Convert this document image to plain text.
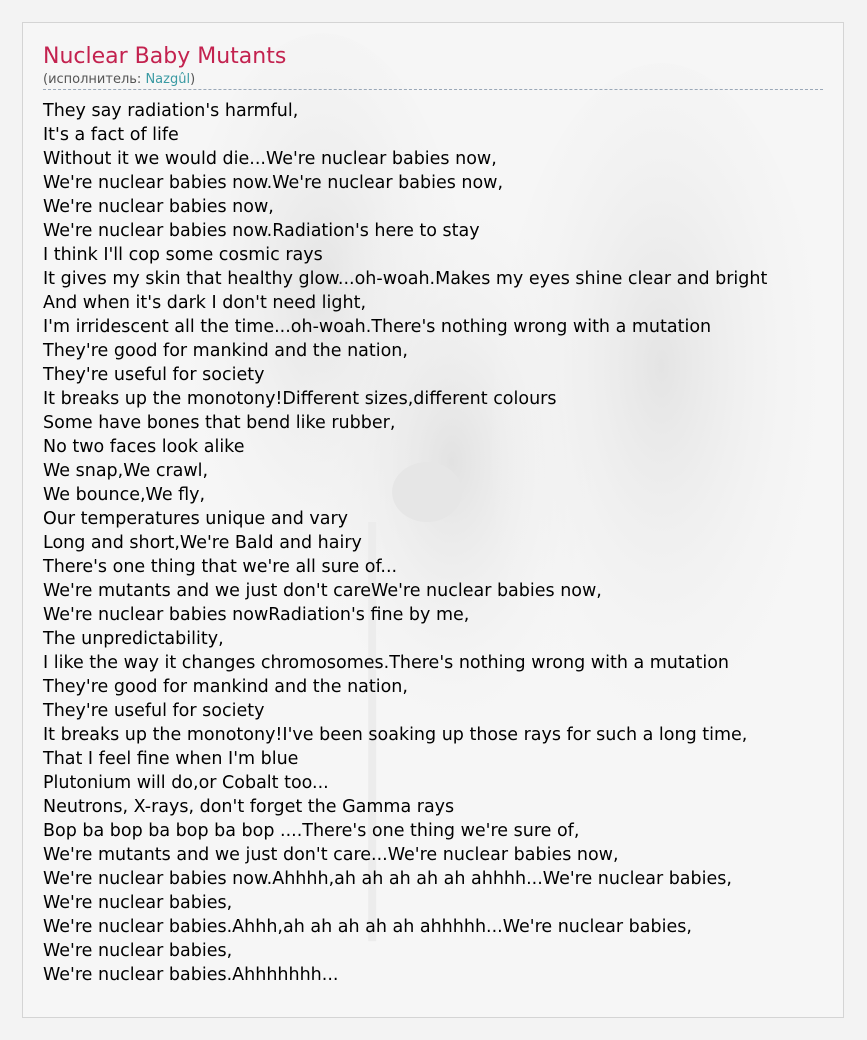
Nuclear Baby Mutants
(исполнитель: Nazgûl)
They say radiation's harmful,
It's a fact of life
Without it we would die...We're nuclear babies now,
We're nuclear babies now.We're nuclear babies now,
We're nuclear babies now,
We're nuclear babies now.Radiation's here to stay
I think I'll cop some cosmic rays
It gives my skin that healthy glow...oh-woah.Makes my eyes shine clear and bright
And when it's dark I don't need light,
I'm irridescent all the time...oh-woah.There's nothing wrong with a mutation
They're good for mankind and the nation,
They're useful for society
It breaks up the monotony!Different sizes,different colours
Some have bones that bend like rubber,
No two faces look alike
We snap,We crawl,
We bounce,We fly,
Our temperatures unique and vary
Long and short,We're Bald and hairy
There's one thing that we're all sure of...
We're mutants and we just don't careWe're nuclear babies now,
We're nuclear babies nowRadiation's fine by me,
The unpredictability,
I like the way it changes chromosomes.There's nothing wrong with a mutation
They're good for mankind and the nation,
They're useful for society
It breaks up the monotony!I've been soaking up those rays for such a long time,
That I feel fine when I'm blue
Plutonium will do,or Cobalt too...
Neutrons, X-rays, don't forget the Gamma rays
Bop ba bop ba bop ba bop ....There's one thing we're sure of,
We're mutants and we just don't care...We're nuclear babies now,
We're nuclear babies now.Ahhhh,ah ah ah ah ah ahhhh...We're nuclear babies,
We're nuclear babies,
We're nuclear babies.Ahhh,ah ah ah ah ah ahhhhh...We're nuclear babies,
We're nuclear babies,
We're nuclear babies.Ahhhhhhh...
